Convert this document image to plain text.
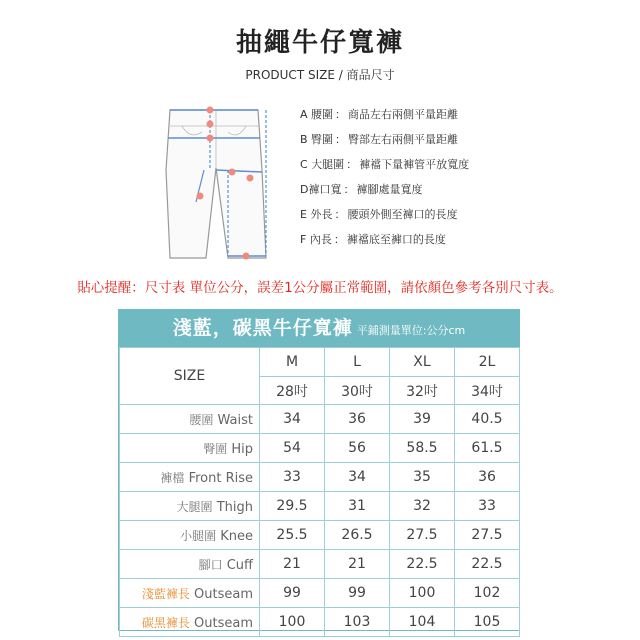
抽繩牛仔寬褲
PRODUCT SIZE / 商品尺寸
A 腰圍 ： 商品左右兩側平量距離
B 臀圍 ： 臀部左右兩側平量距離
C 大腿圍 ： 褲襠下量褲管平放寬度
D褲口寬 ： 褲腳處量寬度
E 外長 ： 腰頭外側至褲口的長度
F 內長 ： 褲襠底至褲口的長度
貼心提醒：尺寸表 單位公分，誤差1公分屬正常範圍，請依顏色參考各別尺寸表。
淺藍，碳黑牛仔寬褲 平鋪測量單位:公分cm
SIZE	M	L	XL	2L
	28吋	30吋	32吋	34吋
腰圍 Waist	34	36	39	40.5
臀圍 Hip	54	56	58.5	61.5
褲檔 Front Rise	33	34	35	36
大腿圍 Thigh	29.5	31	32	33
小腿圍 Knee	25.5	26.5	27.5	27.5
腳口 Cuff	21	21	22.5	22.5
淺藍褲長 Outseam	99	99	100	102
碳黑褲長 Outseam	100	103	104	105
